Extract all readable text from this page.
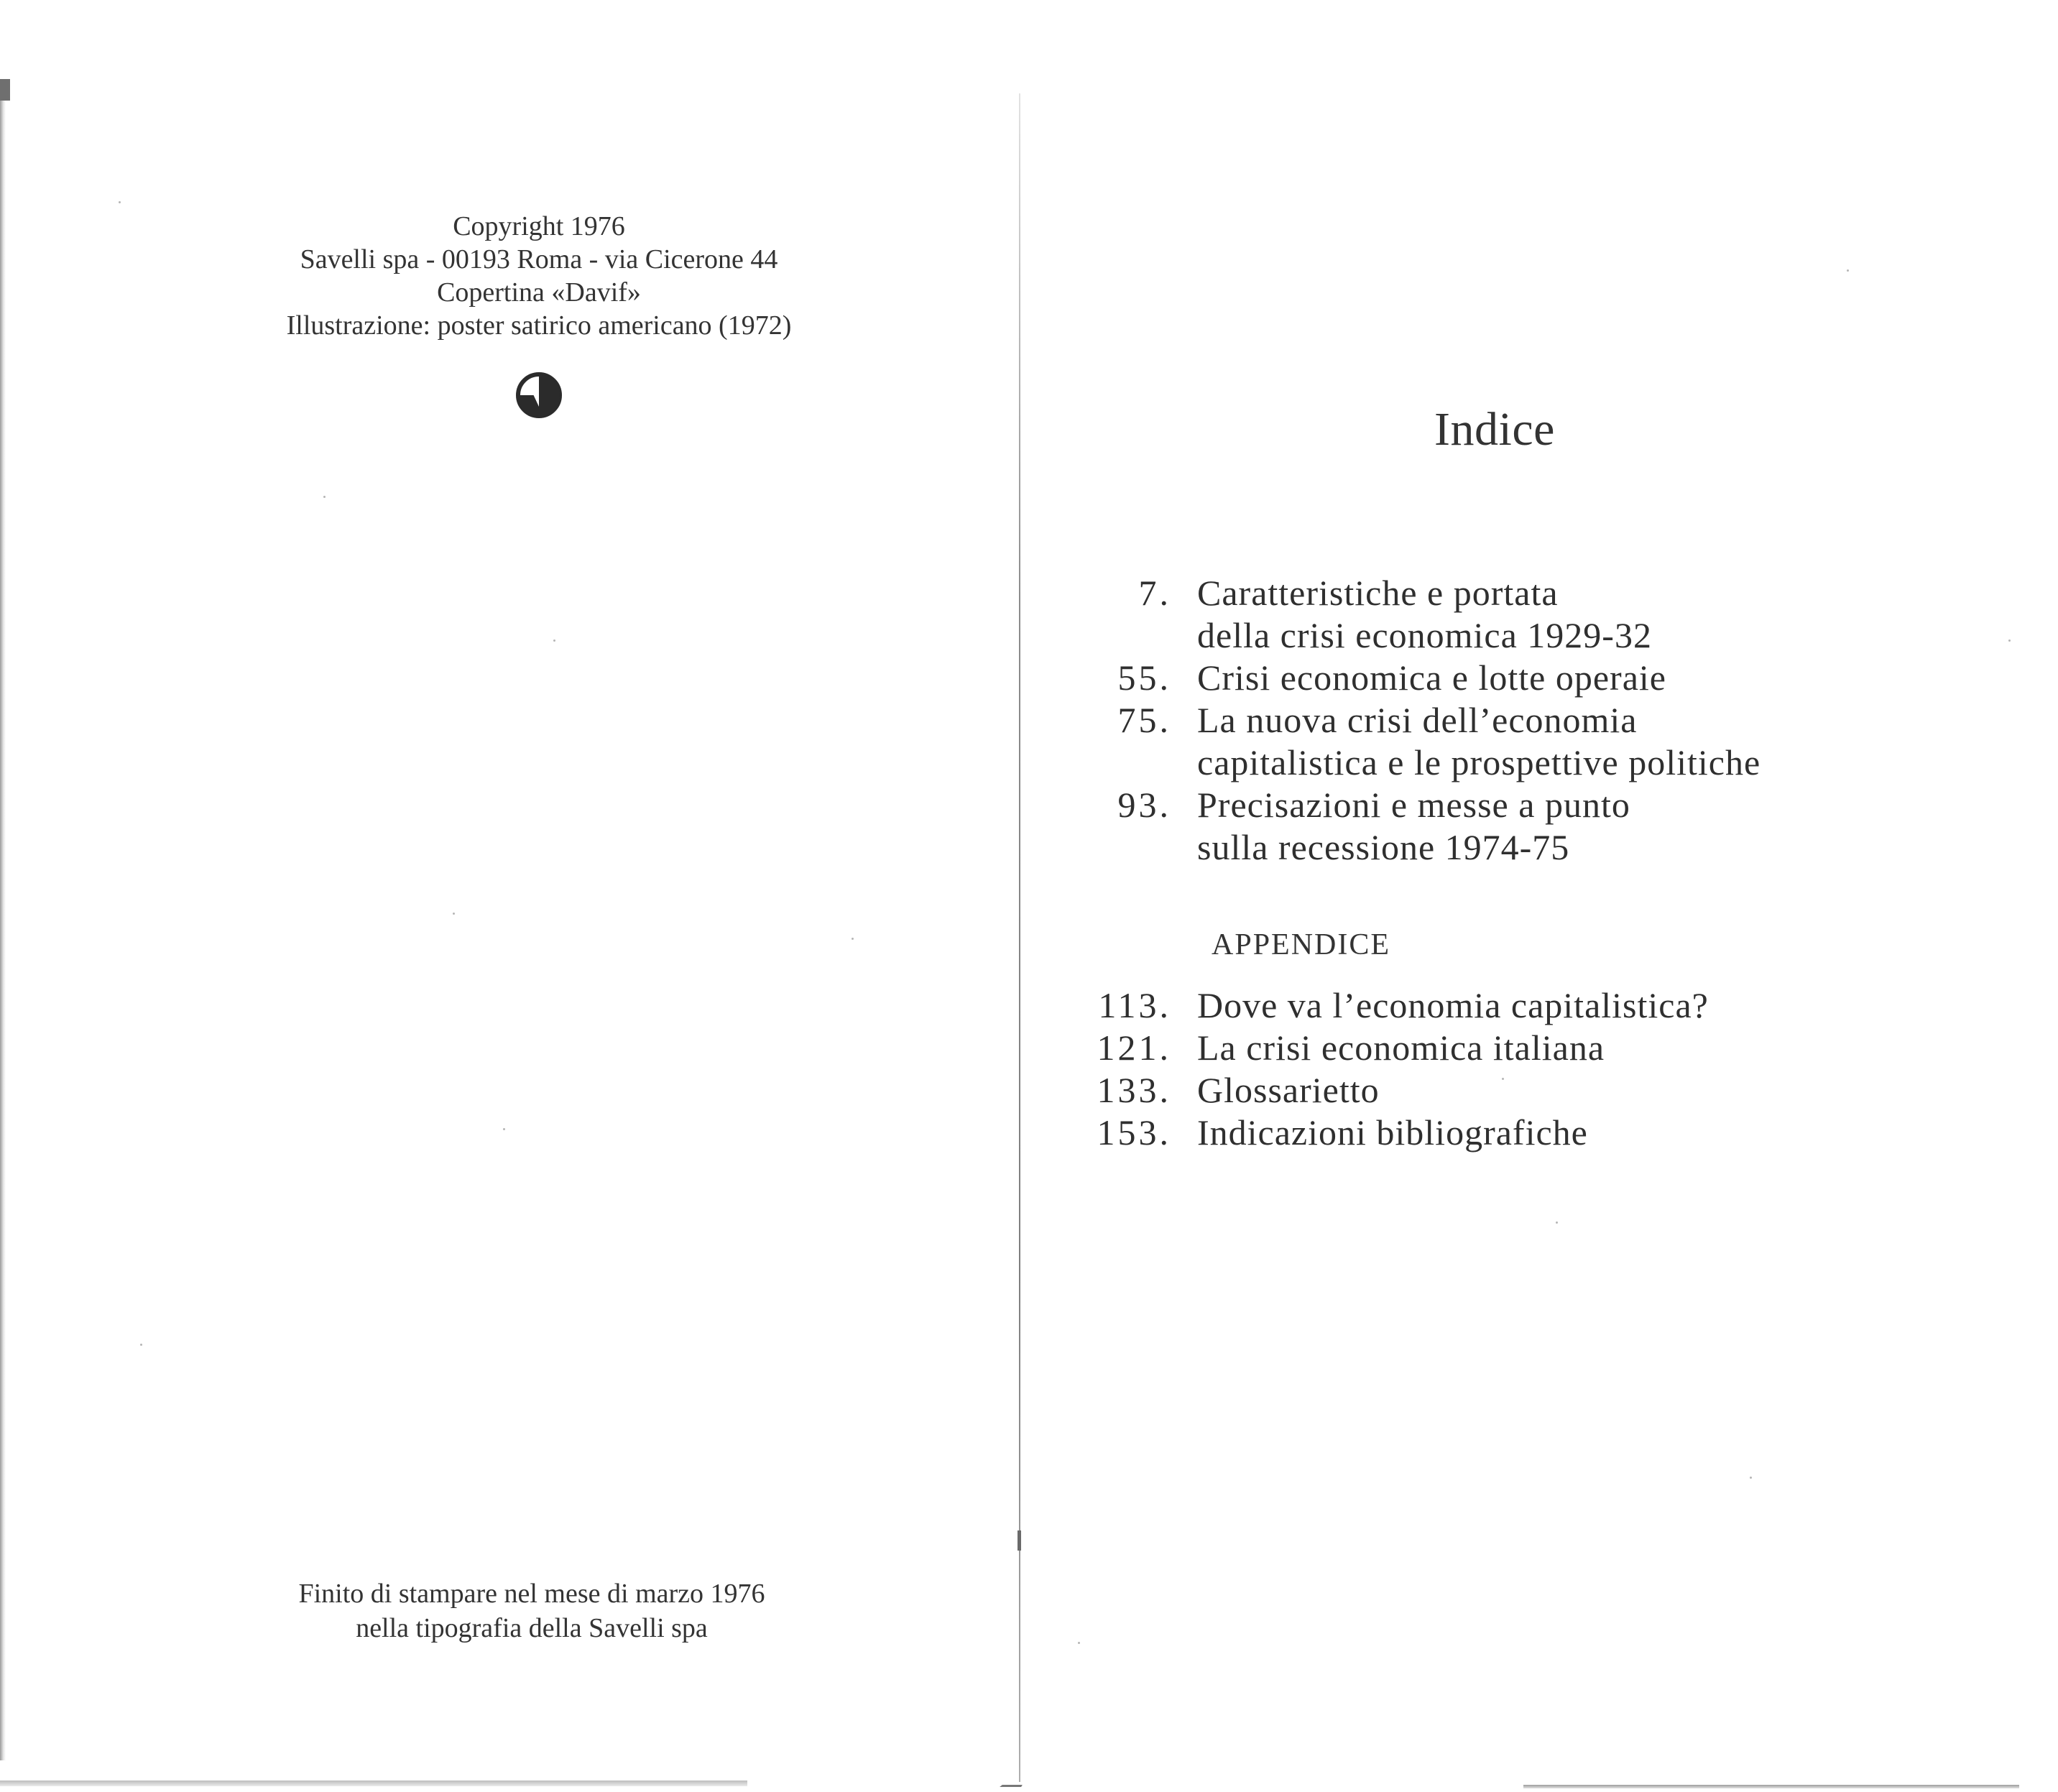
Copyright 1976
Savelli spa - 00193 Roma - via Cicerone 44
Copertina «Davif»
Illustrazione: poster satirico americano (1972)
Finito di stampare nel mese di marzo 1976
nella tipografia della Savelli spa
Indice
7. Caratteristiche e portata
della crisi economica 1929-32
55. Crisi economica e lotte operaie
75. La nuova crisi dell’economia
capitalistica e le prospettive politiche
93. Precisazioni e messe a punto
sulla recessione 1974-75
APPENDICE
113. Dove va l’economia capitalistica?
121. La crisi economica italiana
133. Glossarietto
153. Indicazioni bibliografiche
